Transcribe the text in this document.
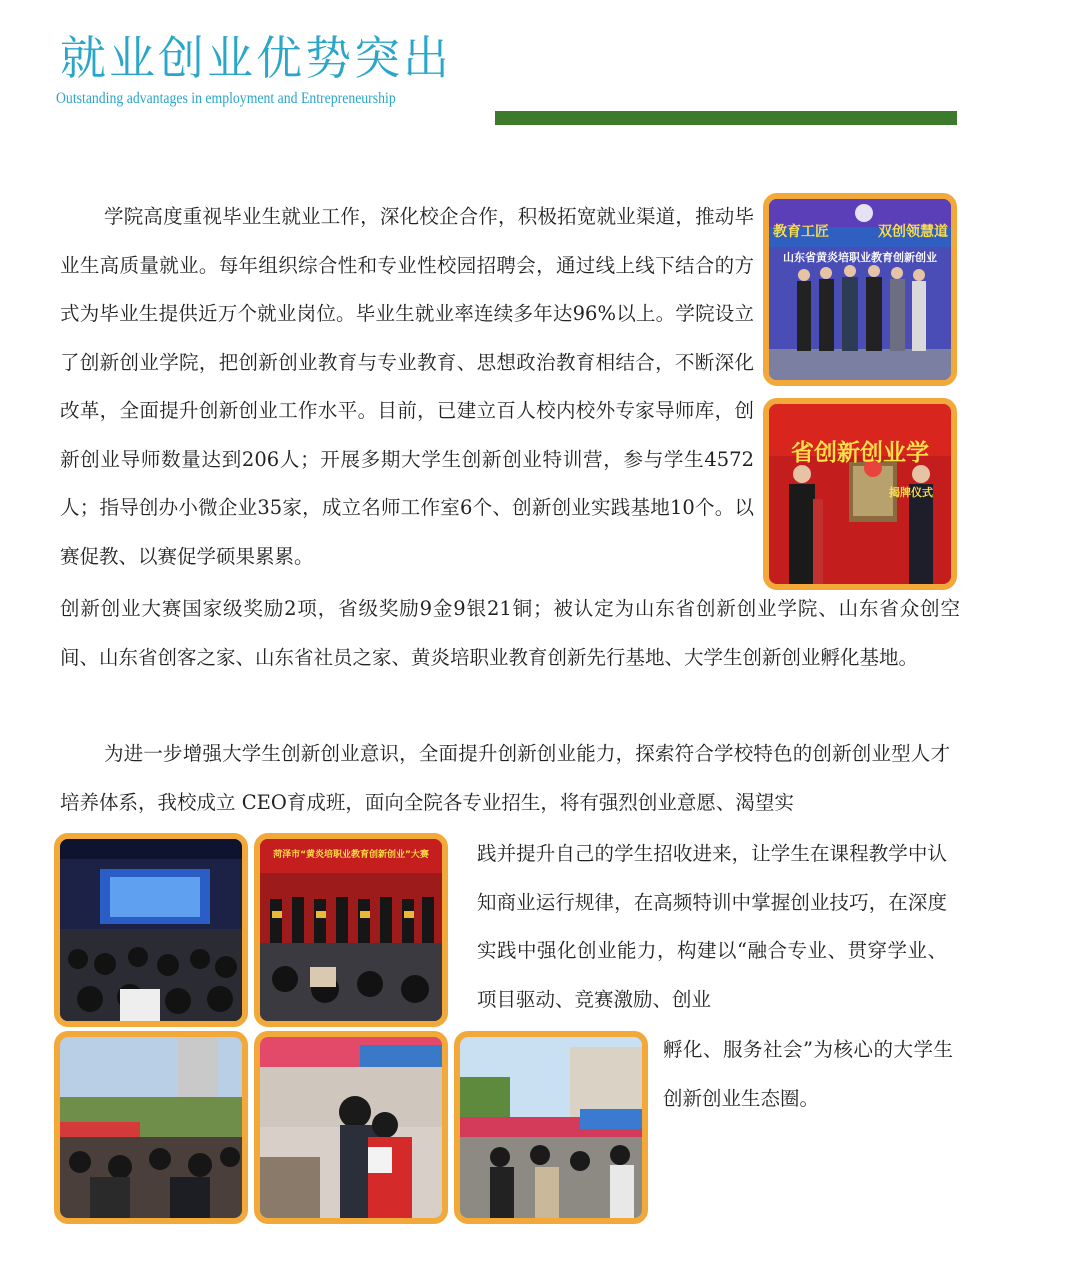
就业创业优势突出
Outstanding advantages in employment and Entrepreneurship

学院高度重视毕业生就业工作，深化校企合作，积极拓宽就业渠道，推动毕业生高质量就业。每年组织综合性和专业性校园招聘会，通过线上线下结合的方式为毕业生提供近万个就业岗位。毕业生就业率连续多年达96%以上。学院设立了创新创业学院，把创新创业教育与专业教育、思想政治教育相结合，不断深化改革，全面提升创新创业工作水平。目前，已建立百人校内校外专家导师库，创新创业导师数量达到206人；开展多期大学生创新创业特训营，参与学生4572人；指导创办小微企业35家，成立名师工作室6个、创新创业实践基地10个。以赛促教、以赛促学硕果累累。

创新创业大赛国家级奖励2项，省级奖励9金9银21铜；被认定为山东省创新创业学院、山东省众创空间、山东省创客之家、山东省社员之家、黄炎培职业教育创新先行基地、大学生创新创业孵化基地。

为进一步增强大学生创新创业意识，全面提升创新创业能力，探索符合学校特色的创新创业型人才培养体系，我校成立 CEO育成班，面向全院各专业招生，将有强烈创业意愿、渴望实

践并提升自己的学生招收进来，让学生在课程教学中认知商业运行规律，在高频特训中掌握创业技巧，在深度实践中强化创业能力，构建以“融合专业、贯穿学业、项目驱动、竞赛激励、创业

孵化、服务社会”为核心的大学生创新创业生态圈。

教育工匠	双创领慧道
山东省黄炎培职业教育创新创业
省创新创业学
揭牌仪式
菏泽市“黄炎培职业教育创新创业”大赛
